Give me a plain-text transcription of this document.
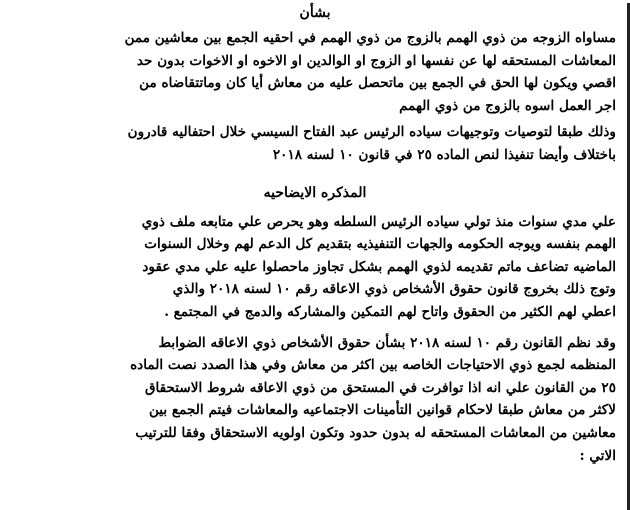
بشأن

مساواه الزوجه من ذوي الهمم بالزوج من ذوي الهمم في احقيه الجمع بين معاشين ممن
المعاشات المستحقه لها عن نفسها او الزوج او الوالدين او الاخوه او الاخوات بدون حد
اقصي ويكون لها الحق في الجمع بين ماتحصل عليه من معاش أيا كان وماتتقاضاه من
اجر العمل اسوه بالزوج من ذوي الهمم

وذلك طبقا لتوصيات وتوجيهات سياده الرئيس عبد الفتاح السيسي خلال احتفاليه قادرون
باختلاف وأيضا تنفيذا لنص الماده ٢٥ في قانون ١٠ لسنه ٢٠١٨

المذكره الايضاحيه

علي مدي سنوات منذ تولي سياده الرئيس السلطه وهو يحرص علي متابعه ملف ذوي
الهمم بنفسه ويوجه الحكومه والجهات التنفيذيه بتقديم كل الدعم لهم وخلال السنوات
الماضيه تضاعف ماتم تقديمه لذوي الهمم بشكل تجاوز ماحصلوا عليه علي مدي عقود
وتوج ذلك بخروج قانون حقوق الأشخاص ذوي الاعاقه رقم ١٠ لسنه ٢٠١٨ والذي
اعطي لهم الكثير من الحقوق واتاح لهم التمكين والمشاركه والدمج في المجتمع .

وقد نظم القانون رقم ١٠ لسنه ٢٠١٨ بشأن حقوق الأشخاص ذوي الاعاقه الضوابط
المنظمه لجمع ذوي الاحتياجات الخاصه بين اكثر من معاش وفي هذا الصدد نصت الماده
٢٥ من القانون علي انه اذا توافرت في المستحق من ذوي الاعاقه شروط الاستحقاق
لاكثر من معاش طبقا لاحكام قوانين التأمينات الاجتماعيه والمعاشات فيتم الجمع بين
معاشين من المعاشات المستحقه له بدون حدود وتكون اولويه الاستحقاق وفقا للترتيب
الاتي :
